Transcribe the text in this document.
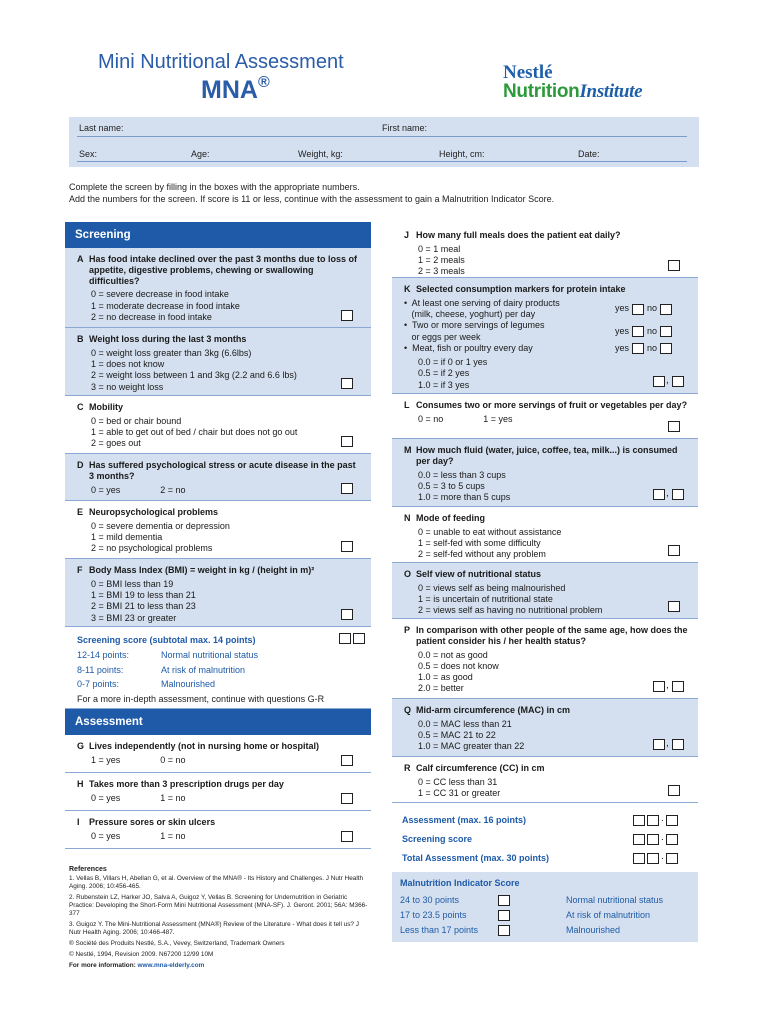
Mini Nutritional Assessment
MNA®	Nestlé
NutritionInstitute
Last name:	First name:
Sex:	Age:	Weight, kg:	Height, cm:	Date:
Complete the screen by filling in the boxes with the appropriate numbers.
Add the numbers for the screen. If score is 11 or less, continue with the assessment to gain a Malnutrition Indicator Score.
Screening
A Has food intake declined over the past 3 months due to loss of appetite, digestive problems, chewing or swallowing difficulties?
0 = severe decrease in food intake
1 = moderate decrease in food intake
2 = no decrease in food intake
B Weight loss during the last 3 months
0 = weight loss greater than 3kg (6.6lbs)
1 = does not know
2 = weight loss between 1 and 3kg (2.2 and 6.6 lbs)
3 = no weight loss
C Mobility
0 = bed or chair bound
1 = able to get out of bed / chair but does not go out
2 = goes out
D Has suffered psychological stress or acute disease in the past 3 months?
0 = yes	2 = no
E Neuropsychological problems
0 = severe dementia or depression
1 = mild dementia
2 = no psychological problems
F Body Mass Index (BMI) = weight in kg / (height in m)²
0 = BMI less than 19
1 = BMI 19 to less than 21
2 = BMI 21 to less than 23
3 = BMI 23 or greater
Screening score (subtotal max. 14 points)
12-14 points:	Normal nutritional status
8-11 points:	At risk of malnutrition
0-7 points:	Malnourished
For a more in-depth assessment, continue with questions G-R
Assessment
G Lives independently (not in nursing home or hospital)
1 = yes	0 = no
H Takes more than 3 prescription drugs per day
0 = yes	1 = no
I	Pressure sores or skin ulcers
0 = yes	1 = no
J How many full meals does the patient eat daily?
0 = 1 meal
1 = 2 meals
2 = 3 meals
K Selected consumption markers for protein intake
• At least one serving of dairy products
(milk, cheese, yoghurt) per day
yes no
• Two or more servings of legumes
or eggs per week
yes no
• Meat, fish or poultry every day	yes no
0.0 = if 0 or 1 yes
0.5 = if 2 yes
1.0 = if 3 yes
,
L Consumes two or more servings of fruit or vegetables per day?
0 = no	1 = yes
M How much fluid (water, juice, coffee, tea, milk...) is consumed per day?
0.0 = less than 3 cups
0.5 = 3 to 5 cups
1.0 = more than 5 cups
,
N Mode of feeding
0 = unable to eat without assistance
1 = self-fed with some difficulty
2 = self-fed without any problem
O Self view of nutritional status
0 = views self as being malnourished
1 = is uncertain of nutritional state
2 = views self as having no nutritional problem
P In comparison with other people of the same age, how does the patient consider his / her health status?
0.0 = not as good
0.5 = does not know
1.0 = as good
2.0 = better
,
Q Mid-arm circumference (MAC) in cm
0.0 = MAC less than 21
0.5 = MAC 21 to 22
1.0 = MAC greater than 22
,
R Calf circumference (CC) in cm
0 = CC less than 31
1 = CC 31 or greater
Assessment (max. 16 points)	.
Screening score	.
Total Assessment (max. 30 points)	.
Malnutrition Indicator Score
24 to 30 points	Normal nutritional status
17 to 23.5 points	At risk of malnutrition
Less than 17 points	Malnourished
References

1. Vellas B, Villars H, Abellan G, et al. Overview of the MNA® - Its History and Challenges. J Nutr Health Aging. 2006; 10:456-465.

2. Rubenstein LZ, Harker JO, Salva A, Guigoz Y, Vellas B. Screening for Undernutrition in Geriatric Practice: Developing the Short-Form Mini Nutritional Assessment (MNA-SF). J. Geront. 2001; 56A: M366-377

3. Guigoz Y. The Mini-Nutritional Assessment (MNA®) Review of the Literature - What does it tell us? J Nutr Health Aging. 2006; 10:466-487.

® Société des Produits Nestlé, S.A., Vevey, Switzerland, Trademark Owners

© Nestlé, 1994, Revision 2009. N67200 12/99 10M

For more information: www.mna-elderly.com
